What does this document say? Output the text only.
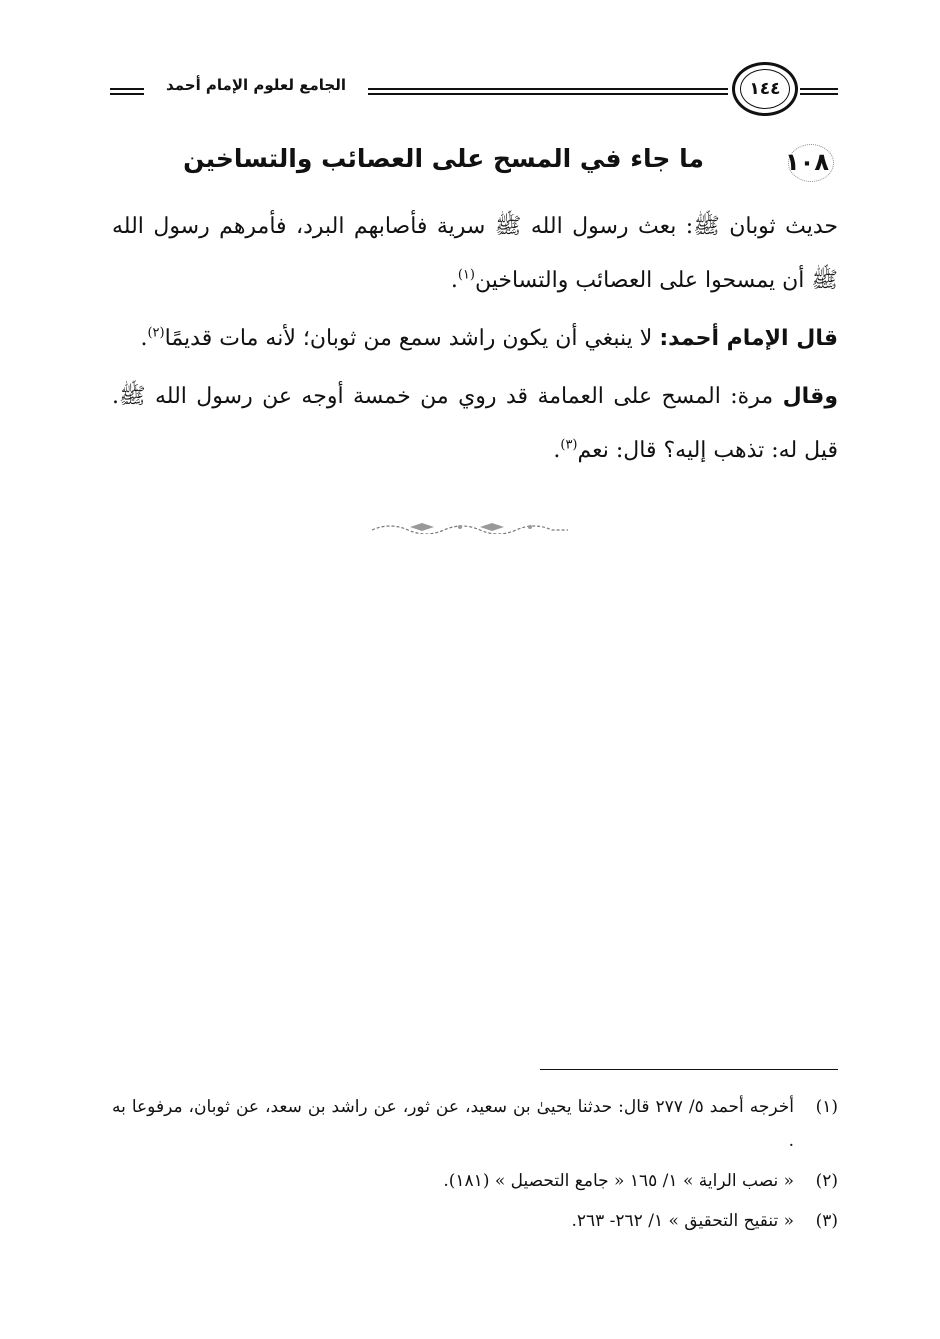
الجامع لعلوم الإمام أحمد	١٤٤
١٠٨
ما جاء في المسح على العصائب والتساخين

حديث ثوبان ﷺ: بعث رسول الله ﷺ سرية فأصابهم البرد، فأمرهم رسول الله ﷺ أن يمسحوا على العصائب والتساخين$^{(١)}$.

قال الإمام أحمد: لا ينبغي أن يكون راشد سمع من ثوبان؛ لأنه مات قديمًا$^{(٢)}$.

وقال مرة: المسح على العمامة قد روي من خمسة أوجه عن رسول الله ﷺ. قيل له: تذهب إليه؟ قال: نعم$^{(٣)}$.

(١)
أخرجه أحمد ٥/ ٢٧٧ قال: حدثنا يحيىٰ بن سعيد، عن ثور، عن راشد بن سعد، عن ثوبان، مرفوعا به .
(٢)
« نصب الراية » ١/ ١٦٥ « جامع التحصيل » (١٨١).
(٣)
« تنقيح التحقيق » ١/ ٢٦٢- ٢٦٣.
